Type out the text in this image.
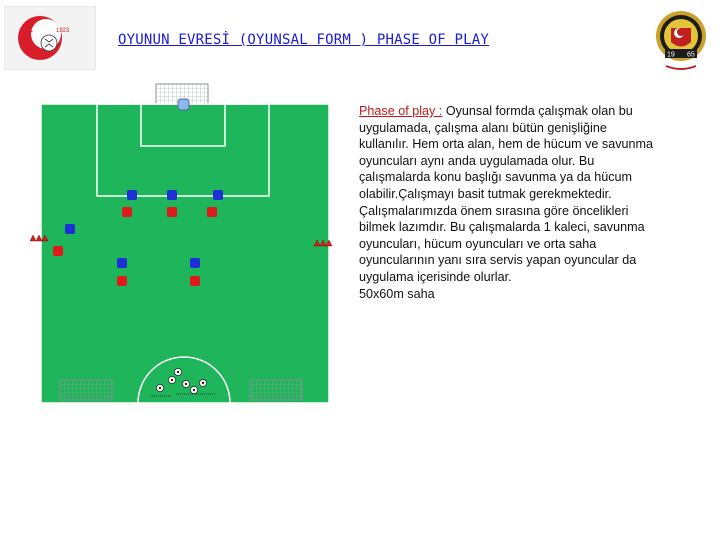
1923
19 65
OYUNUN EVRESİ (OYUNSAL FORM ) PHASE OF PLAY
Phase of play : Oyunsal formda çalışmak olan bu uygulamada, çalışma alanı bütün genişliğine kullanılır. Hem orta alan, hem de hücum ve savunma oyuncuları aynı anda uygulamada olur. Bu çalışmalarda konu başlığı savunma ya da hücum olabilir.Çalışmayı basit tutmak gerekmektedir. Çalışmalarımızda önem sırasına göre öncelikleri bilmek lazımdır. Bu çalışmalarda 1 kaleci, savunma oyuncuları, hücum oyuncuları ve orta saha oyuncularının yanı sıra servis yapan oyuncular da uygulama içerisinde olurlar.
50x60m saha
